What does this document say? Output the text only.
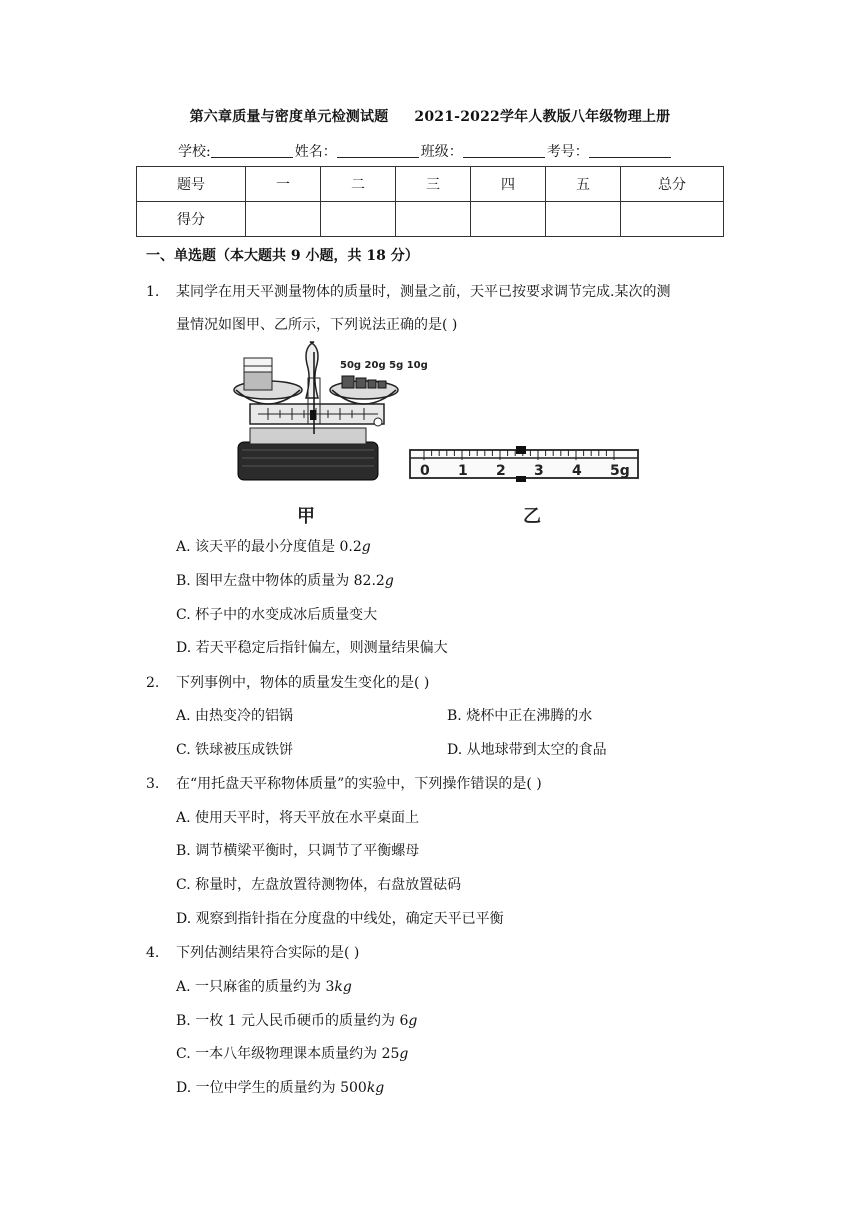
第六章质量与密度单元检测试题 2021-2022学年人教版八年级物理上册
学校:	姓名：	班级：	考号：
题号	一	二	三	四	五	总分
得分						
一、单选题（本大题共 9 小题，共 18 分）
1. 某同学在用天平测量物体的质量时，测量之前，天平已按要求调节完成.某次的测
量情况如图甲、乙所示，下列说法正确的是( )
50g 20g 5g 10g
0 1 2 3 4 5g
甲	乙
A. 该天平的最小分度值是 0.2g
B. 图甲左盘中物体的质量为 82.2g
C. 杯子中的水变成冰后质量变大
D. 若天平稳定后指针偏左，则测量结果偏大
2. 下列事例中，物体的质量发生变化的是( )
A. 由热变冷的铝锅	B. 烧杯中正在沸腾的水
C. 铁球被压成铁饼	D. 从地球带到太空的食品
3. 在“用托盘天平称物体质量”的实验中，下列操作错误的是( )
A. 使用天平时，将天平放在水平桌面上
B. 调节横梁平衡时，只调节了平衡螺母
C. 称量时，左盘放置待测物体，右盘放置砝码
D. 观察到指针指在分度盘的中线处，确定天平已平衡
4. 下列估测结果符合实际的是( )
A. 一只麻雀的质量约为 3kg
B. 一枚 1 元人民币硬币的质量约为 6g
C. 一本八年级物理课本质量约为 25g
D. 一位中学生的质量约为 500kg
